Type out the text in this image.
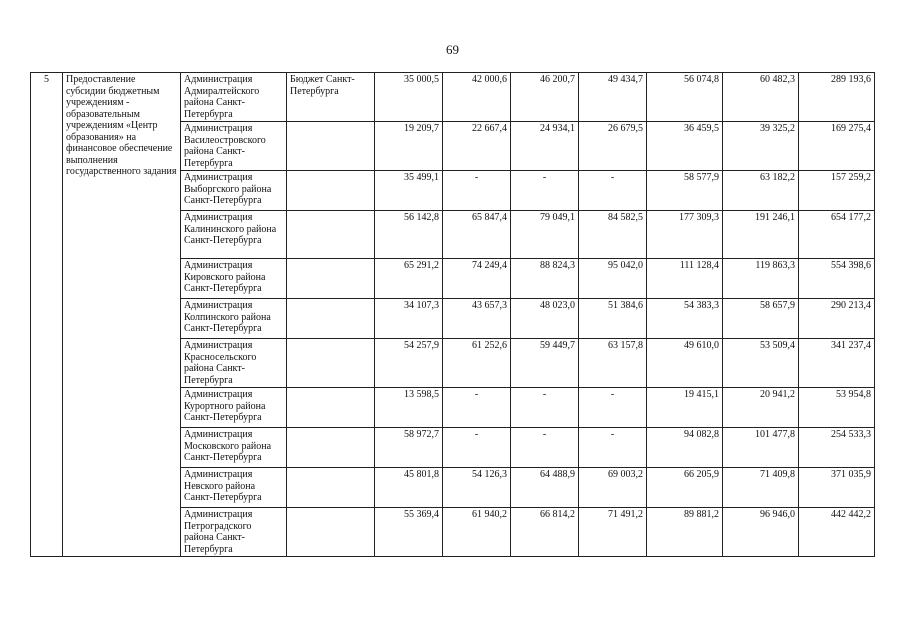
69
5	Предоставление субсидии бюджетным учреждениям - образовательным учреждениям «Центр образования» на финансовое обеспечение выполнения государственного задания	Администрация Адмиралтейского района Санкт-Петербурга	Бюджет Санкт-Петербурга	35 000,5	42 000,6	46 200,7	49 434,7	56 074,8	60 482,3	289 193,6
		Администрация Василеостровского района Санкт-Петербурга		19 209,7	22 667,4	24 934,1	26 679,5	36 459,5	39 325,2	169 275,4
		Администрация Выборгского района Санкт-Петербурга		35 499,1	-	-	-	58 577,9	63 182,2	157 259,2
		Администрация Калининского района Санкт-Петербурга		56 142,8	65 847,4	79 049,1	84 582,5	177 309,3	191 246,1	654 177,2
		Администрация Кировского района Санкт-Петербурга		65 291,2	74 249,4	88 824,3	95 042,0	111 128,4	119 863,3	554 398,6
		Администрация Колпинского района Санкт-Петербурга		34 107,3	43 657,3	48 023,0	51 384,6	54 383,3	58 657,9	290 213,4
		Администрация Красносельского района Санкт-Петербурга		54 257,9	61 252,6	59 449,7	63 157,8	49 610,0	53 509,4	341 237,4
		Администрация Курортного района Санкт-Петербурга		13 598,5	-	-	-	19 415,1	20 941,2	53 954,8
		Администрация Московского района Санкт-Петербурга		58 972,7	-	-	-	94 082,8	101 477,8	254 533,3
		Администрация Невского района Санкт-Петербурга		45 801,8	54 126,3	64 488,9	69 003,2	66 205,9	71 409,8	371 035,9
		Администрация Петроградского района Санкт-Петербурга		55 369,4	61 940,2	66 814,2	71 491,2	89 881,2	96 946,0	442 442,2
